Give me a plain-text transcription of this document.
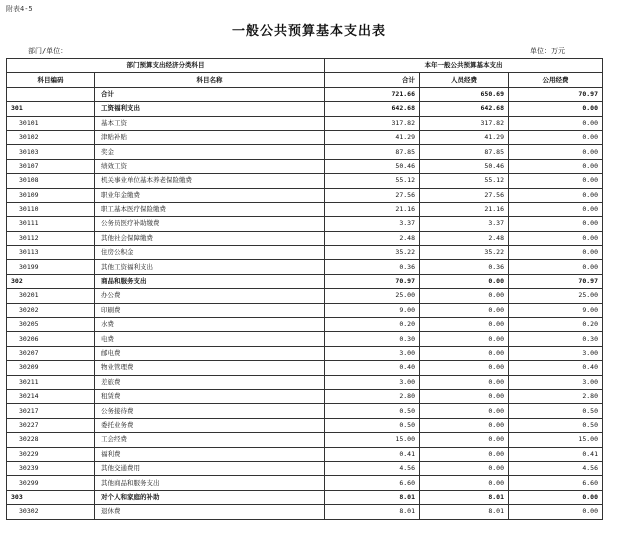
附表4-5
一般公共预算基本支出表
部门/单位：	单位：万元
部门预算支出经济分类科目		本年一般公共预算基本支出		
科目编码	科目名称	合计	人员经费	公用经费
	合计	721.66	650.69	70.97
301	工资福利支出	642.68	642.68	0.00
30101	基本工资	317.82	317.82	0.00
30102	津贴补贴	41.29	41.29	0.00
30103	奖金	87.85	87.85	0.00
30107	绩效工资	50.46	50.46	0.00
30108	机关事业单位基本养老保险缴费	55.12	55.12	0.00
30109	职业年金缴费	27.56	27.56	0.00
30110	职工基本医疗保险缴费	21.16	21.16	0.00
30111	公务员医疗补助缴费	3.37	3.37	0.00
30112	其他社会保障缴费	2.48	2.48	0.00
30113	住房公积金	35.22	35.22	0.00
30199	其他工资福利支出	0.36	0.36	0.00
302	商品和服务支出	70.97	0.00	70.97
30201	办公费	25.00	0.00	25.00
30202	印刷费	9.00	0.00	9.00
30205	水费	0.20	0.00	0.20
30206	电费	0.30	0.00	0.30
30207	邮电费	3.00	0.00	3.00
30209	物业管理费	0.40	0.00	0.40
30211	差旅费	3.00	0.00	3.00
30214	租赁费	2.80	0.00	2.80
30217	公务接待费	0.50	0.00	0.50
30227	委托业务费	0.50	0.00	0.50
30228	工会经费	15.00	0.00	15.00
30229	福利费	0.41	0.00	0.41
30239	其他交通费用	4.56	0.00	4.56
30299	其他商品和服务支出	6.60	0.00	6.60
303	对个人和家庭的补助	8.01	8.01	0.00
30302	退休费	8.01	8.01	0.00
